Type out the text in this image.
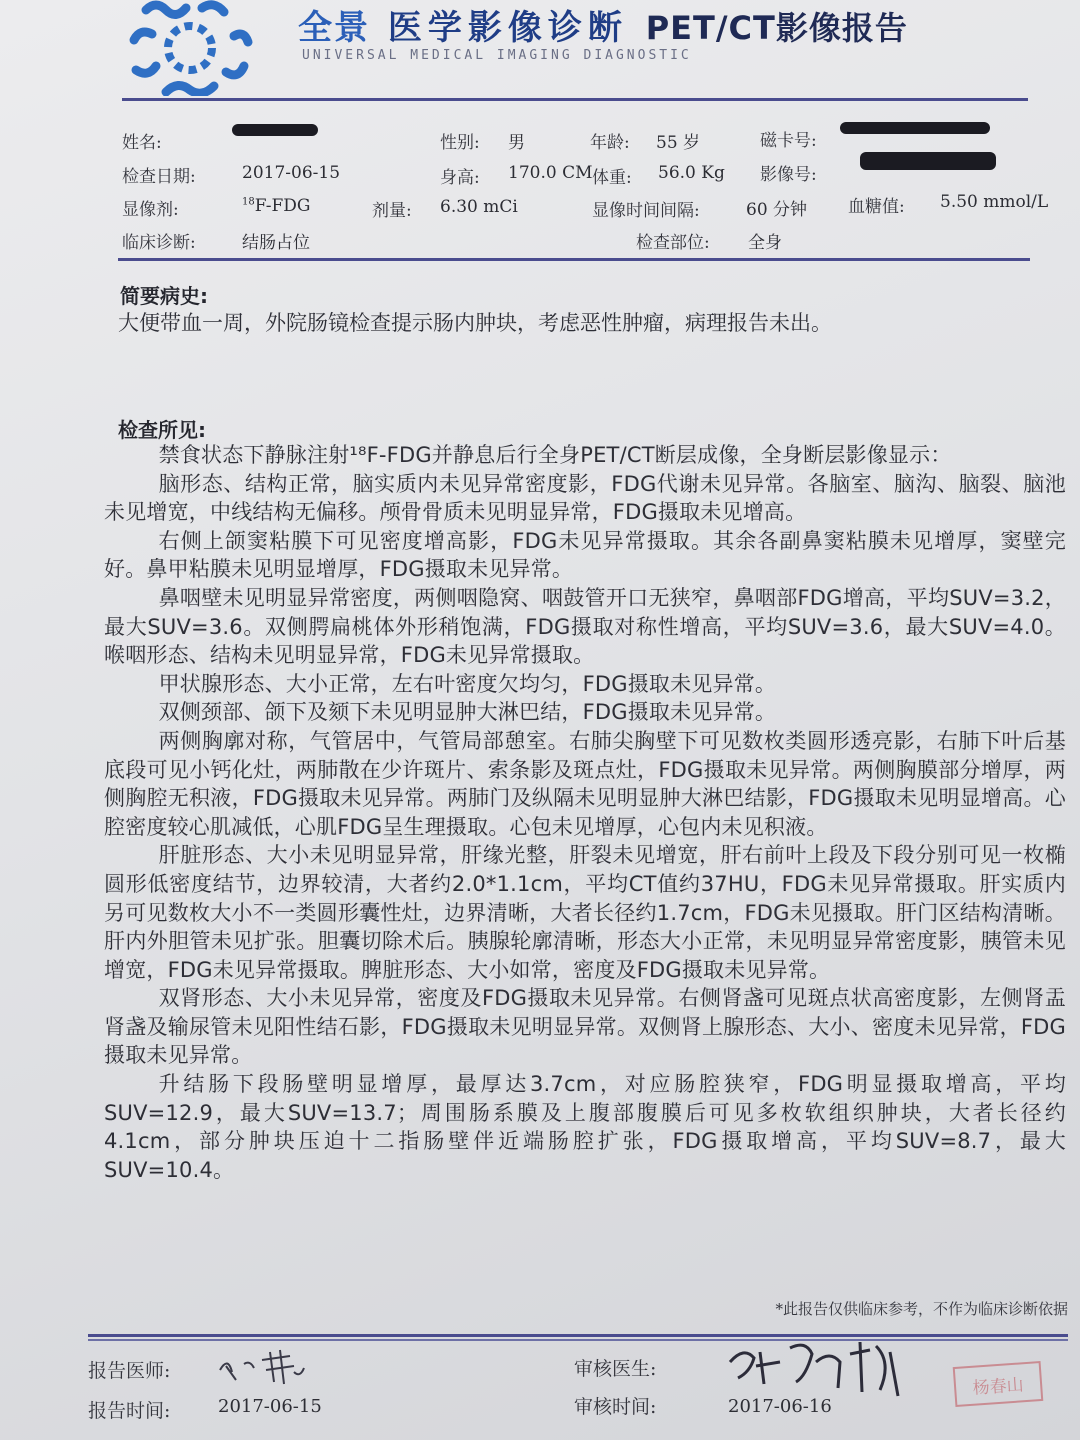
全景 医学影像诊断 PET/CT影像报告
UNIVERSAL MEDICAL IMAGING DIAGNOSTIC
姓名:	性别: 男	年龄: 55 岁	磁卡号:
检查日期:	2017-06-15	身高: 170.0 CM 体重: 56.0 Kg 影像号:
显像剂:	$^{18}$F-FDG	剂量: 6.30 mCi	显像时间间隔:	60 分钟 血糖值: 5.50 mmol/L
临床诊断:	结肠占位	检查部位: 全身
简要病史:
大便带血一周，外院肠镜检查提示肠内肿块，考虑恶性肿瘤，病理报告未出。
检查所见:

禁食状态下静脉注射¹⁸F-FDG并静息后行全身PET/CT断层成像，全身断层影像显示：

脑形态、结构正常，脑实质内未见异常密度影，FDG代谢未见异常。各脑室、脑沟、脑裂、脑池未见增宽，中线结构无偏移。颅骨骨质未见明显异常，FDG摄取未见增高。

右侧上颌窦粘膜下可见密度增高影，FDG未见异常摄取。其余各副鼻窦粘膜未见增厚，窦壁完好。鼻甲粘膜未见明显增厚，FDG摄取未见异常。

鼻咽壁未见明显异常密度，两侧咽隐窝、咽鼓管开口无狭窄，鼻咽部FDG增高，平均SUV=3.2，最大SUV=3.6。双侧腭扁桃体外形稍饱满，FDG摄取对称性增高，平均SUV=3.6，最大SUV=4.0。喉咽形态、结构未见明显异常，FDG未见异常摄取。

甲状腺形态、大小正常，左右叶密度欠均匀，FDG摄取未见异常。

双侧颈部、颌下及颏下未见明显肿大淋巴结，FDG摄取未见异常。

两侧胸廓对称，气管居中，气管局部憩室。右肺尖胸壁下可见数枚类圆形透亮影，右肺下叶后基底段可见小钙化灶，两肺散在少许斑片、索条影及斑点灶，FDG摄取未见异常。两侧胸膜部分增厚，两侧胸腔无积液，FDG摄取未见异常。两肺门及纵隔未见明显肿大淋巴结影，FDG摄取未见明显增高。心腔密度较心肌减低，心肌FDG呈生理摄取。心包未见增厚，心包内未见积液。

肝脏形态、大小未见明显异常，肝缘光整，肝裂未见增宽，肝右前叶上段及下段分别可见一枚椭圆形低密度结节，边界较清，大者约2.0*1.1cm，平均CT值约37HU，FDG未见异常摄取。肝实质内另可见数枚大小不一类圆形囊性灶，边界清晰，大者长径约1.7cm，FDG未见摄取。肝门区结构清晰。肝内外胆管未见扩张。胆囊切除术后。胰腺轮廓清晰，形态大小正常，未见明显异常密度影，胰管未见增宽，FDG未见异常摄取。脾脏形态、大小如常，密度及FDG摄取未见异常。

双肾形态、大小未见异常，密度及FDG摄取未见异常。右侧肾盏可见斑点状高密度影，左侧肾盂肾盏及输尿管未见阳性结石影，FDG摄取未见明显异常。双侧肾上腺形态、大小、密度未见异常，FDG摄取未见异常。

升结肠下段肠壁明显增厚，最厚达3.7cm，对应肠腔狭窄，FDG明显摄取增高，平均SUV=12.9，最大SUV=13.7；周围肠系膜及上腹部腹膜后可见多枚软组织肿块，大者长径约4.1cm，部分肿块压迫十二指肠壁伴近端肠腔扩张，FDG摄取增高，平均SUV=8.7，最大SUV=10.4。

*此报告仅供临床参考，不作为临床诊断依据
报告医师:
报告时间:	2017-06-15
审核医生:
审核时间:	2017-06-16
杨春山
